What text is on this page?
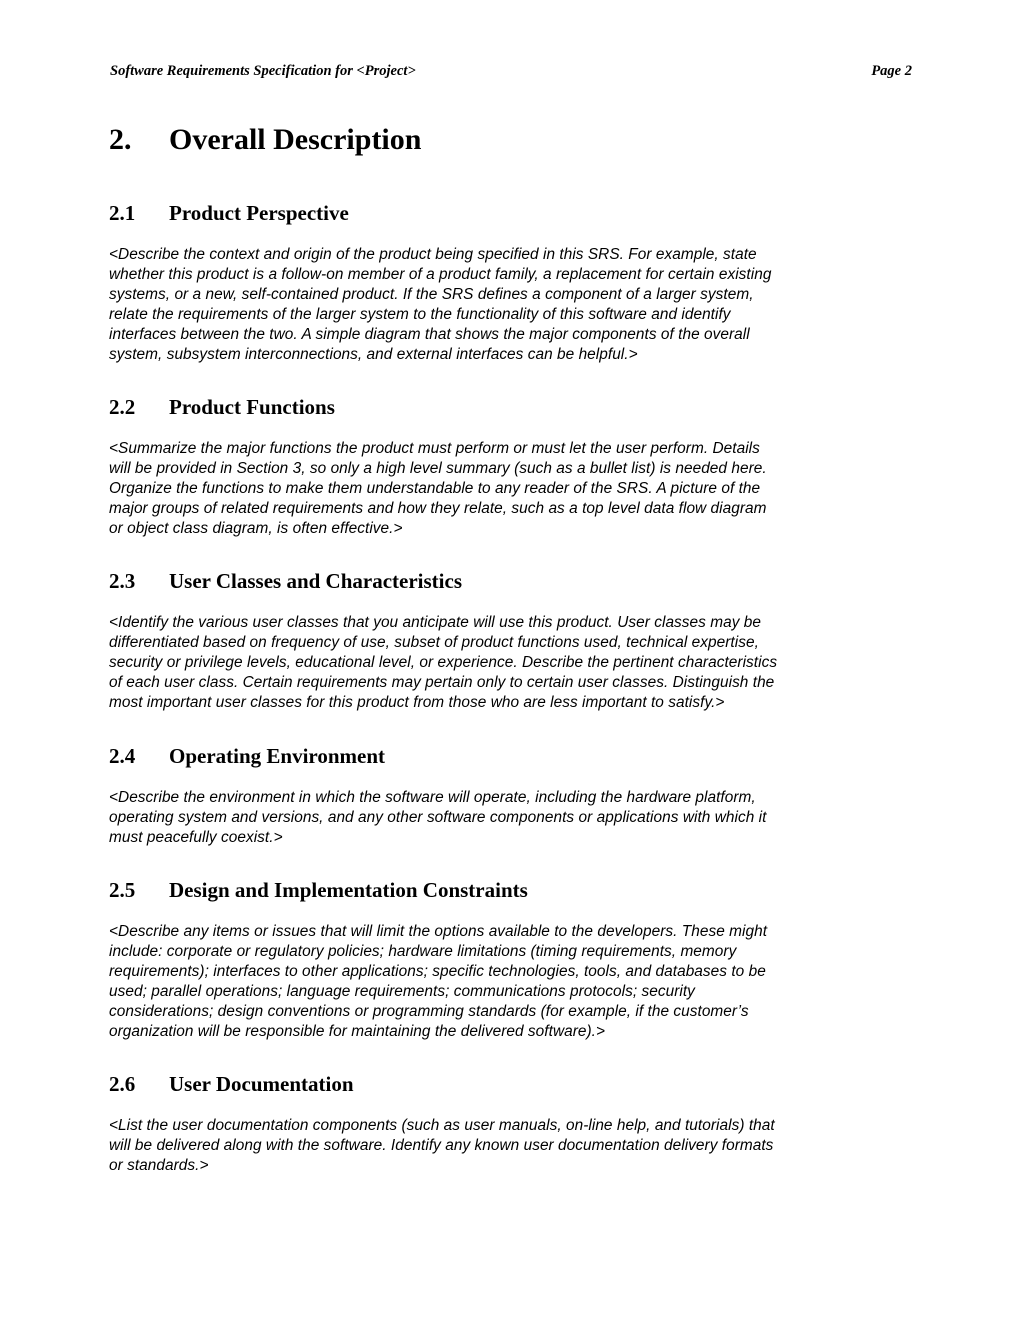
Software Requirements Specification for <Project>	Page 2
2. Overall Description
2.1 Product Perspective

<Describe the context and origin of the product being specified in this SRS. For example, state
whether this product is a follow-on member of a product family, a replacement for certain existing
systems, or a new, self-contained product. If the SRS defines a component of a larger system,
relate the requirements of the larger system to the functionality of this software and identify
interfaces between the two. A simple diagram that shows the major components of the overall
system, subsystem interconnections, and external interfaces can be helpful.>

2.2 Product Functions

<Summarize the major functions the product must perform or must let the user perform. Details
will be provided in Section 3, so only a high level summary (such as a bullet list) is needed here.
Organize the functions to make them understandable to any reader of the SRS. A picture of the
major groups of related requirements and how they relate, such as a top level data flow diagram
or object class diagram, is often effective.>

2.3 User Classes and Characteristics

<Identify the various user classes that you anticipate will use this product. User classes may be
differentiated based on frequency of use, subset of product functions used, technical expertise,
security or privilege levels, educational level, or experience. Describe the pertinent characteristics
of each user class. Certain requirements may pertain only to certain user classes. Distinguish the
most important user classes for this product from those who are less important to satisfy.>

2.4 Operating Environment

<Describe the environment in which the software will operate, including the hardware platform,
operating system and versions, and any other software components or applications with which it
must peacefully coexist.>

2.5 Design and Implementation Constraints

<Describe any items or issues that will limit the options available to the developers. These might
include: corporate or regulatory policies; hardware limitations (timing requirements, memory
requirements); interfaces to other applications; specific technologies, tools, and databases to be
used; parallel operations; language requirements; communications protocols; security
considerations; design conventions or programming standards (for example, if the customer’s
organization will be responsible for maintaining the delivered software).>

2.6 User Documentation

<List the user documentation components (such as user manuals, on-line help, and tutorials) that
will be delivered along with the software. Identify any known user documentation delivery formats
or standards.>
